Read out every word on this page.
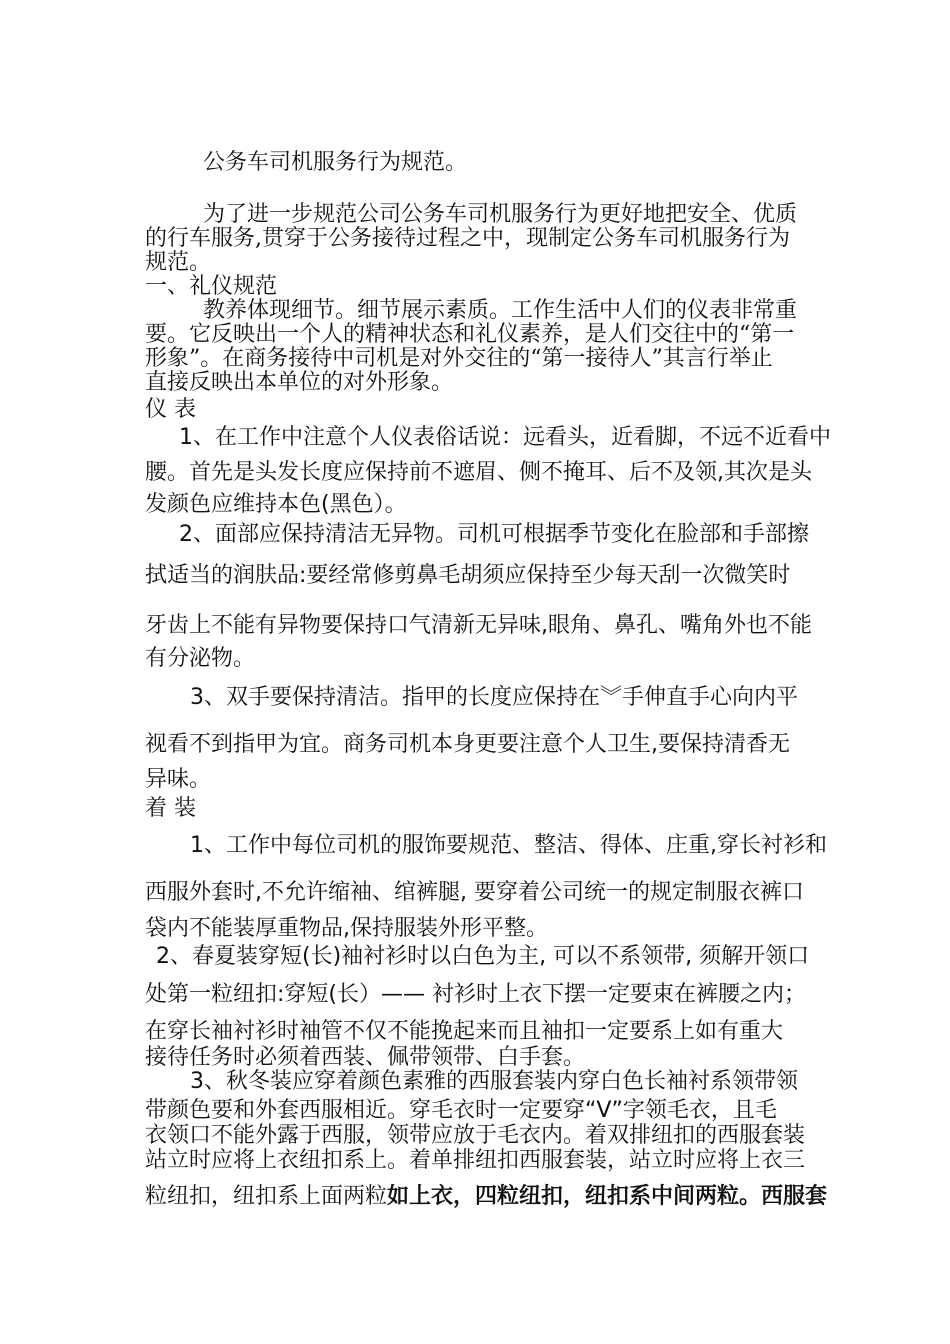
公务车司机服务行为规范。
为了进一步规范公司公务车司机服务行为更好地把安全、优质
的行车服务,贯穿于公务接待过程之中，现制定公务车司机服务行为
规范。
一、礼仪规范
教养体现细节。细节展示素质。工作生活中人们的仪表非常重
要。它反映出一个人的精神状态和礼仪素养，是人们交往中的“第一
形象”。在商务接待中司机是对外交往的“第一接待人”其言行举止
直接反映出本单位的对外形象。
仪 表
1、在工作中注意个人仪表俗话说：远看头，近看脚，不远不近看中
腰。首先是头发长度应保持前不遮眉、侧不掩耳、后不及领,其次是头
发颜色应维持本色(黑色）。
2、面部应保持清洁无异物。司机可根据季节变化在脸部和手部擦
拭适当的润肤品:要经常修剪鼻毛胡须应保持至少每天刮一次微笑时
牙齿上不能有异物要保持口气清新无异味,眼角、鼻孔、嘴角外也不能
有分泌物。
3、双手要保持清洁。指甲的长度应保持在︾手伸直手心向内平
视看不到指甲为宜。商务司机本身更要注意个人卫生,要保持清香无
异味。
着 装
1、工作中每位司机的服饰要规范、整洁、得体、庄重,穿长衬衫和
西服外套时,不允许缩袖、绾裤腿, 要穿着公司统一的规定制服衣裤口
袋内不能装厚重物品,保持服装外形平整。
2、春夏装穿短(长)袖衬衫时以白色为主, 可以不系领带, 须解开领口
处第一粒纽扣:穿短(长）—— 衬衫时上衣下摆一定要束在裤腰之内；
在穿长袖衬衫时袖管不仅不能挽起来而且袖扣一定要系上如有重大
接待任务时必须着西装、佩带领带、白手套。
3、秋冬装应穿着颜色素雅的西服套装内穿白色长袖衬系领带领
带颜色要和外套西服相近。穿毛衣时一定要穿“V”字领毛衣，且毛
衣领口不能外露于西服，领带应放于毛衣内。着双排纽扣的西服套装
站立时应将上衣纽扣系上。着单排纽扣西服套装，站立时应将上衣三
粒纽扣，纽扣系上面两粒如上衣，四粒纽扣，纽扣系中间两粒。西服套
